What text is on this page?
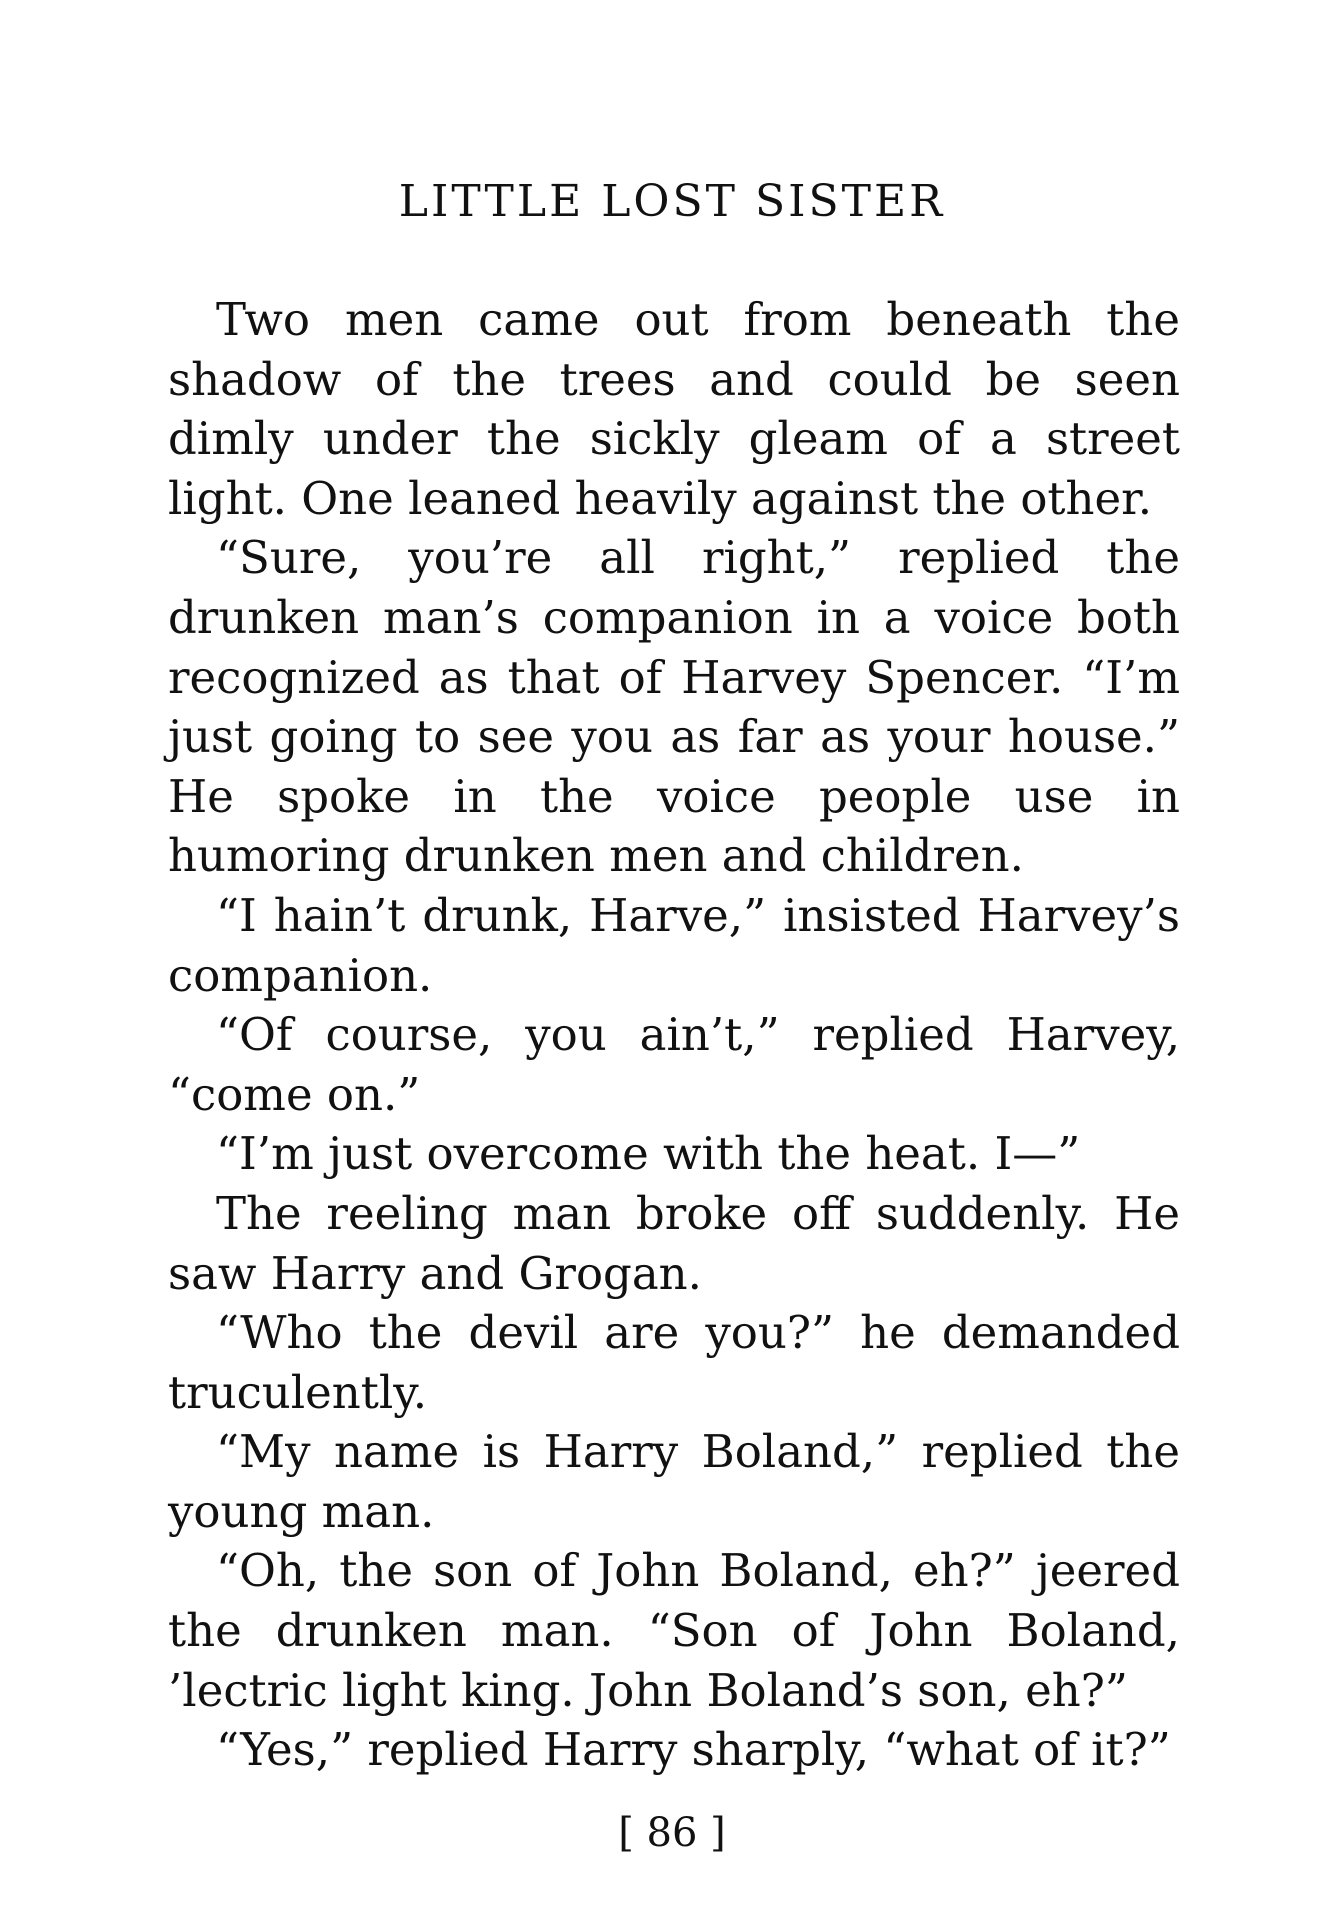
LITTLE LOST SISTER

Two men came out from beneath the shadow of the trees and could be seen dimly under the sickly gleam of a street light. One leaned heavily against the other.

“Sure, you’re all right,” replied the drunken man’s companion in a voice both recognized as that of Harvey Spencer. “I’m just going to see you as far as your house.” He spoke in the voice people use in humoring drunken men and children.

“I hain’t drunk, Harve,” insisted Harvey’s companion.

“Of course, you ain’t,” replied Harvey, “come on.”

“I’m just overcome with the heat. I—”

The reeling man broke off suddenly. He saw Harry and Grogan.

“Who the devil are you?” he demanded truculently.

“My name is Harry Boland,” replied the young man.

“Oh, the son of John Boland, eh?” jeered the drunken man. “Son of John Boland, ’lectric light king. John Boland’s son, eh?”

“Yes,” replied Harry sharply, “what of it?”

[ 86 ]
